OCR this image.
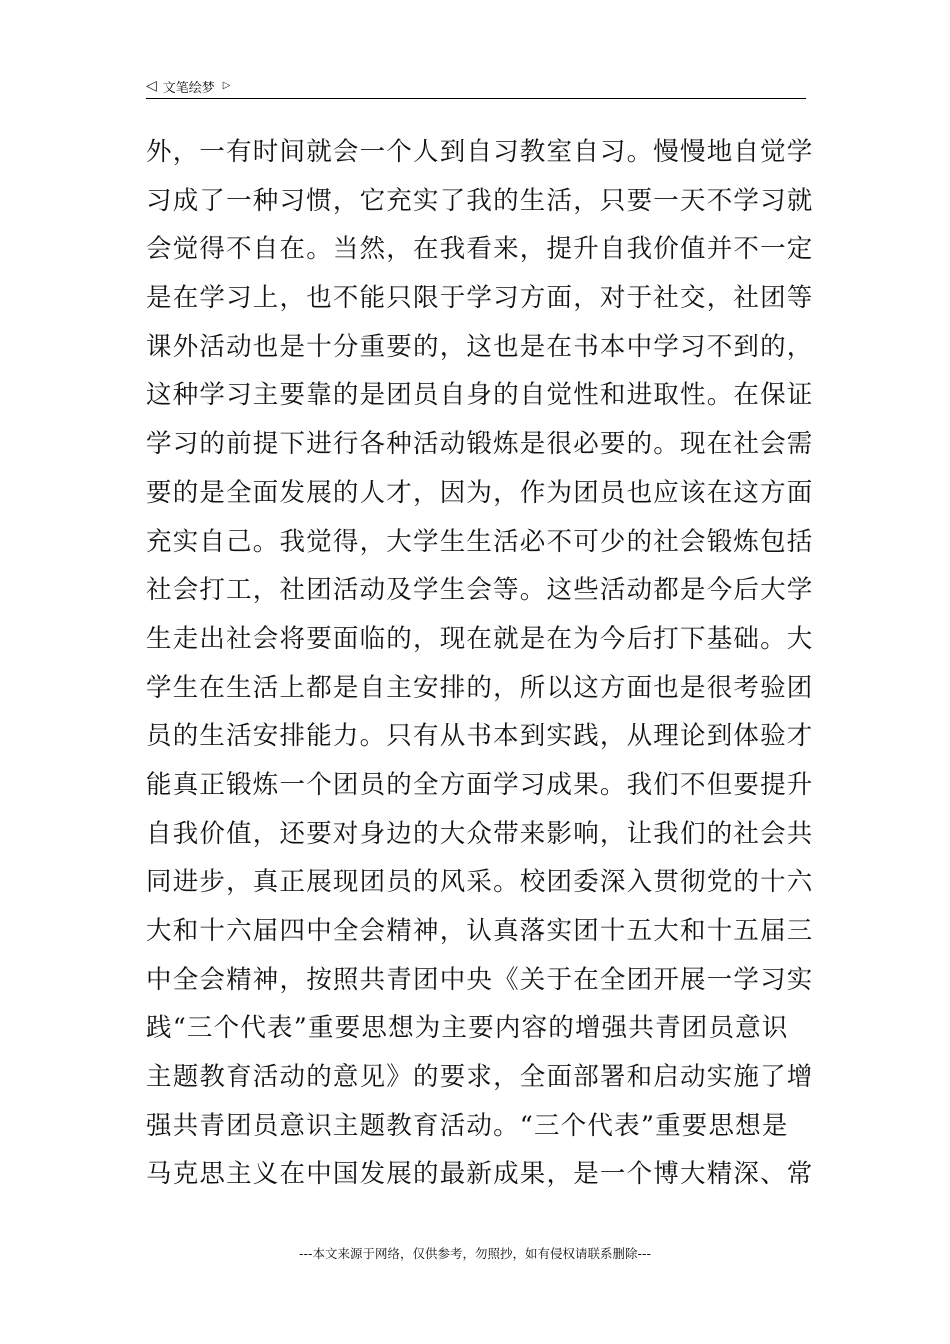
◁ 文笔绘梦 ▷
外，一有时间就会一个人到自习教室自习。慢慢地自觉学
习成了一种习惯，它充实了我的生活，只要一天不学习就
会觉得不自在。当然，在我看来，提升自我价值并不一定
是在学习上，也不能只限于学习方面，对于社交，社团等
课外活动也是十分重要的，这也是在书本中学习不到的，
这种学习主要靠的是团员自身的自觉性和进取性。在保证
学习的前提下进行各种活动锻炼是很必要的。现在社会需
要的是全面发展的人才，因为，作为团员也应该在这方面
充实自己。我觉得，大学生生活必不可少的社会锻炼包括
社会打工，社团活动及学生会等。这些活动都是今后大学
生走出社会将要面临的，现在就是在为今后打下基础。大
学生在生活上都是自主安排的，所以这方面也是很考验团
员的生活安排能力。只有从书本到实践，从理论到体验才
能真正锻炼一个团员的全方面学习成果。我们不但要提升
自我价值，还要对身边的大众带来影响，让我们的社会共
同进步，真正展现团员的风采。校团委深入贯彻党的十六
大和十六届四中全会精神，认真落实团十五大和十五届三
中全会精神，按照共青团中央《关于在全团开展一学习实
践“三个代表”重要思想为主要内容的增强共青团员意识
主题教育活动的意见》的要求，全面部署和启动实施了增
强共青团员意识主题教育活动。“三个代表”重要思想是
马克思主义在中国发展的最新成果，是一个博大精深、常
---本文来源于网络，仅供参考，勿照抄，如有侵权请联系删除---
